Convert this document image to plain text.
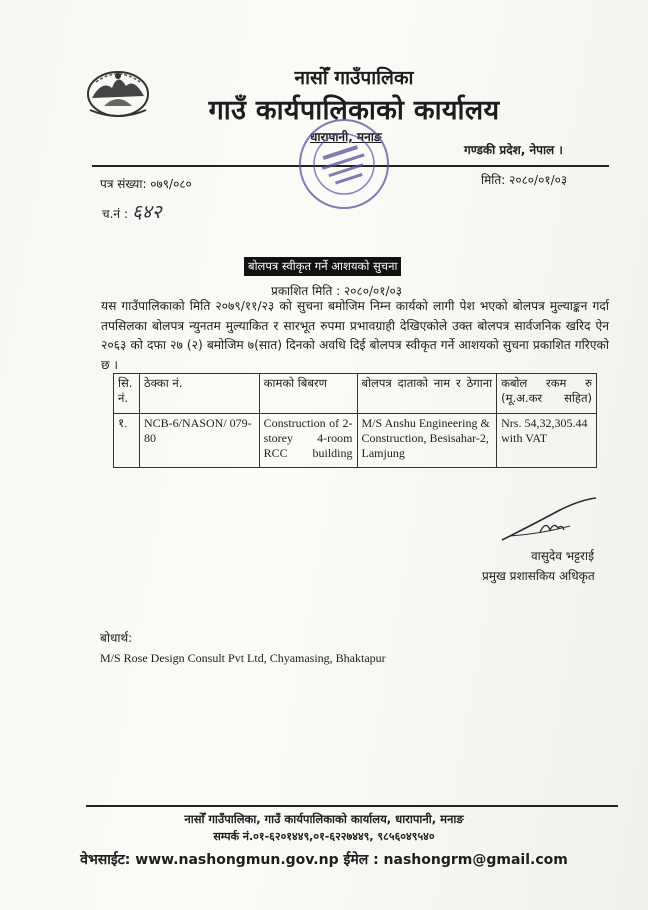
नासोँ गाउँपालिका
गाउँ कार्यपालिकाको कार्यालय
धारापानी, मनाङ
गण्डकी प्रदेश, नेपाल ।
पत्र संख्या: ०७९/०८०	मिति: २०८०/०१/०३
च.नं : ६४२
बोलपत्र स्वीकृत गर्ने आशयको सुचना
प्रकाशित मिति : २०८०/०१/०३
यस गाउँपालिकाको मिति २०७९/११/२३ को सुचना बमोजिम निम्न कार्यको लागी पेश भएको बोलपत्र मुल्याङ्कन गर्दा तपसिलका बोलपत्र न्युनतम मुल्याकित र सारभूत रुपमा प्रभावग्राही देखिएकोले उक्त बोलपत्र सार्वजनिक खरिद ऐन २०६३ को दफा २७ (२) बमोजिम ७(सात) दिनको अवधि दिई बोलपत्र स्वीकृत गर्ने आशयको सुचना प्रकाशित गरिएको छ ।
सि. नं.	ठेक्का नं.	कामको बिबरण	बोलपत्र दाताको नाम र ठेगाना	कबोल रकम रु (मू.अ.कर सहित)
१.	NCB-6/NASON/ 079-80	Construction of 2-storey 4-room RCC building	M/S Anshu Engineering & Construction, Besisahar-2, Lamjung	Nrs. 54,32,305.44 with VAT
वासुदेव भट्टराई
प्रमुख प्रशासकिय अधिकृत
बोधार्थ:
M/S Rose Design Consult Pvt Ltd, Chyamasing, Bhaktapur
नासोँ गाउँपालिका, गाउँ कार्यपालिकाको कार्यालय, धारापानी, मनाङ
सम्पर्क नं.०१-६२०१४४९,०१-६२२७४४९, ९८५६०४९५४०
वेभसाईट: www.nashongmun.gov.np ईमेल : nashongrm@gmail.com
